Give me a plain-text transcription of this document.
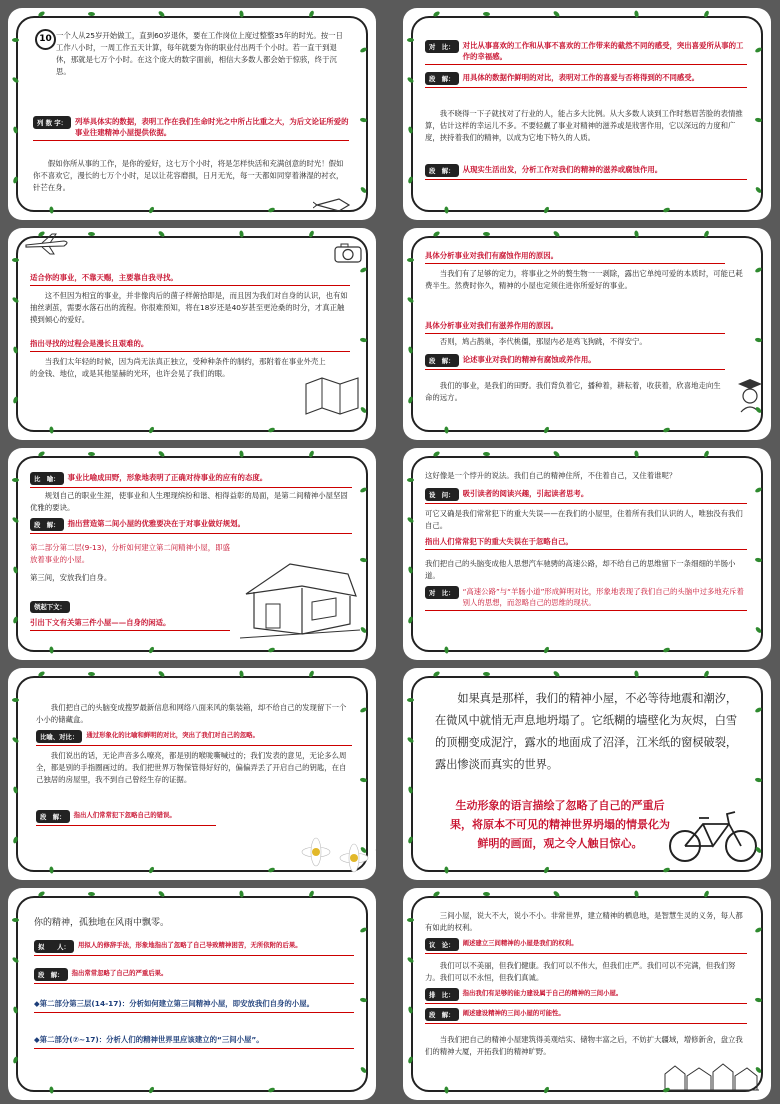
10 一个人从25岁开始做工，直到60岁退休，要在工作岗位上度过整整35年的时光。按一日工作八小时，一周工作五天计算，每年就要为你的职业付出两千个小时。若一直干到退休，那就是七万个小时。在这个庞大的数字面前，相信大多数人都会始于惊骇，终于沉思。
列 数 字：	列举具体实的数据，表明工作在我们生命时光之中所占比重之大，为后文论证所爱的事业往建精神小屋提供依据。
假如你所从事的工作，是你的爱好，这七万个小时，将是怎样快活和充满创意的时光！假如你不喜欢它，漫长的七万个小时，足以让花容磨损，日月无光，每一天都如同穿着淋湿的衬衣，针芒在身。
对　比：	对比从事喜欢的工作和从事不喜欢的工作带来的截然不同的感受，突出喜爱所从事的工作的幸福感。
段　解：	用具体的数据作鲜明的对比，表明对工作的喜爱与否将得到的不同感受。
我不晓得一下子就找对了行业的人，能占多大比例。从大多数人谈到工作时愁眉苦脸的表情推算，估计这样的幸运儿不多。不要轻觑了事业对精神的滋养或是戕害作用，它以深远的力度和广度，挟持着我们的精神，以成为它地下特久的人质。
段　解：	从现实生活出发，分析工作对我们的精神的滋养或腐蚀作用。
适合你的事业，不靠天赐，主要靠自我寻找。
这不但因为相宜的事业，并非像肉后的菌子样俯拾即是，而且因为我们对自身的认识，也有如抽丝剥茧，需要水落石出的流程。你很难预知，将在18岁还是40岁甚至更沧桑的时分，才真正触摸到倾心的爱好。
指出寻找的过程会是漫长且艰难的。
当我们太年轻的时候，因为尚无法真正独立，受种种条件的制约，那附着在事业外壳上的金钱、地位，或是其他显赫的光环，也许会晃了我们的眼。
具体分析事业对我们有腐蚀作用的原因。
当我们有了足够的定力，将事业之外的赘生物一一剥除，露出它单纯可爱的本质时，可能已耗费半生。然费时你久，精神的小屋也定须住进你所爱好的事业。
具体分析事业对我们有滋养作用的原因。
否则，鸠占鹊巢，李代桃僵，那屋内必是鸡飞狗跳，不得安宁。
段　解：	论述事业对我们的精神有腐蚀或养作用。
我们的事业，是我们的田野。我们背负着它，播种着，耕耘着，收获着，欣喜地走向生命的远方。
比　喻：	事业比喻成田野，形象地表明了正确对待事业的应有的态度。
规划自己的职业生涯，使事业和人生理现缤纷和谐、相得益彰的局面，是第二间精神小屋坚固优雅的要诀。
段　解：	指出营造第二间小屋的优雅要决在于对事业做好规划。
第二部分第二层(9-13)，分析如何建立第二间精神小屋，即盛放着事业的小屋。
第三间，安放我们自身。
领起下文：
引出下文有关第三件小屋——自身的闲适。
这好像是一个悖升的说法。我们自己的精神住所，不住着自己，又住着谁呢？
设　问：	吸引读者的阅读兴趣，引起读者思考。
可它又确是我们常常犯下的重大失误——在我们的小屋里，住着所有我们认识的人，唯独没有我们自己。
指出人们常常犯下的重大失误在于忽略自己。
我们把自己的头脑变成他人思想汽车驰骋的高速公路，却不给自己的思维留下一条细细的羊肠小道。
对　比：	“高速公路”与“羊肠小道”形成鲜明对比，形象地表现了我们自己的头脑中过多地充斥着别人的思想，而忽略自己的思维的现状。
我们把自己的头脑变成搜罗最新信息和网络八面来风的集装箱，却不给自己的发现留下一个小小的储藏盒。
比喻、对比：	通过形象化的比喻和鲜明的对比，突出了我们对自己的忽略。
我们说出的话，无论声音多么嘹亮，都是别的喉咙嘶喊过的；我们发表的意见，无论多么周全，都是别的手指圈画过的。我们把世界万物保管得好好的，偏偏弄丢了开启自己的钥匙，在自己独居的房屋里，我不到自己曾经生存的证据。
段　解：	指出人们常常犯下忽略自己的错误。
如果真是那样，我们的精神小屋，不必等待地震和潮汐，在微风中就悄无声息地坍塌了。它纸糊的墙壁化为灰烬，白雪的顶棚变成泥泞，露水的地面成了沼泽，江米纸的窗棂破裂，露出惨淡而真实的世界。
生动形象的语言描绘了忽略了自己的严重后果，将原本不可见的精神世界坍塌的情景化为鲜明的画面，观之令人触目惊心。
你的精神，孤独地在风雨中飘零。
拟　　人：	用拟人的修辞手法，形象地指出了忽略了自己导致精神困苦，无所依附的后果。
段　解：	指出常常忽略了自己的严重后果。
◆第二部分第三层(14-17)：分析如何建立第三间精神小屋，即安放我们自身的小屋。
◆第二部分(⑦~17)：分析人们的精神世界里应该建立的“三间小屋”。
三间小屋，说大不大，说小不小。非常世界，建立精神的栖息地，是智慧生灵的义务，每人都有如此的权利。
议　论：	阐述建立三间精神的小屋是我们的权利。
我们可以不美丽，但我们健康。我们可以不伟大，但我们庄严。我们可以不完满，但我们努力。我们可以不永恒，但我们真诚。
排　比：	指出我们有足够的能力建设属于自己的精神的三间小屋。
段　解：	阐述建设精神的三间小屋的可能性。
当我们把自己的精神小屋建筑得美观结实、储物丰富之后，不妨扩大疆域，增修新舍，盘立我们的精神大厦，开拓我们的精神旷野。
